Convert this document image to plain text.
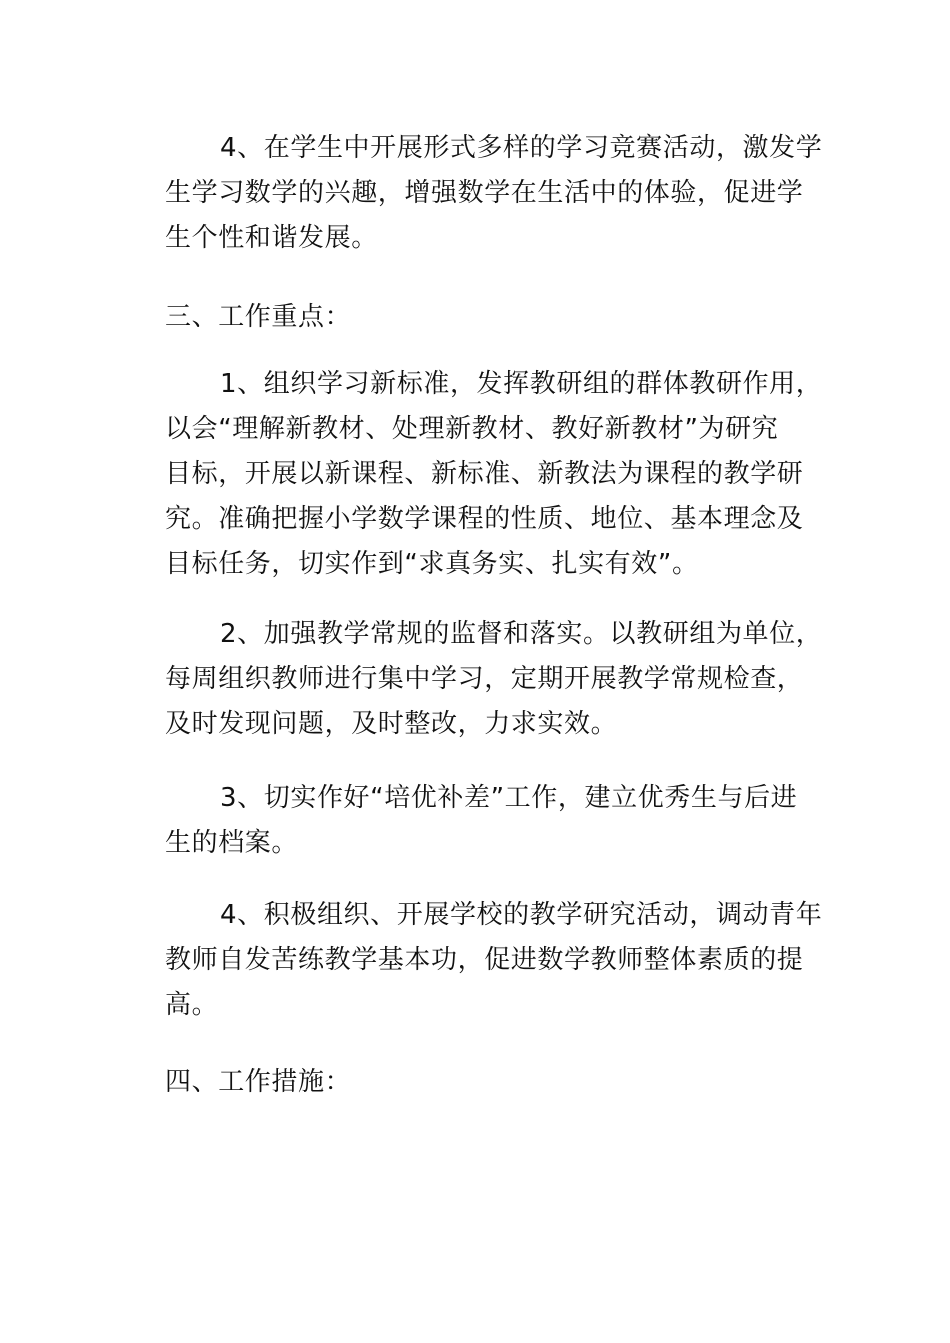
4、在学生中开展形式多样的学习竞赛活动，激发学
生学习数学的兴趣，增强数学在生活中的体验，促进学
生个性和谐发展。
三、工作重点：
1、组织学习新标准，发挥教研组的群体教研作用，
以会“理解新教材、处理新教材、教好新教材”为研究
目标，开展以新课程、新标准、新教法为课程的教学研
究。准确把握小学数学课程的性质、地位、基本理念及
目标任务，切实作到“求真务实、扎实有效”。
2、加强教学常规的监督和落实。以教研组为单位，
每周组织教师进行集中学习，定期开展教学常规检查，
及时发现问题，及时整改，力求实效。
3、切实作好“培优补差”工作，建立优秀生与后进
生的档案。
4、积极组织、开展学校的教学研究活动，调动青年
教师自发苦练教学基本功，促进数学教师整体素质的提
高。
四、工作措施：
